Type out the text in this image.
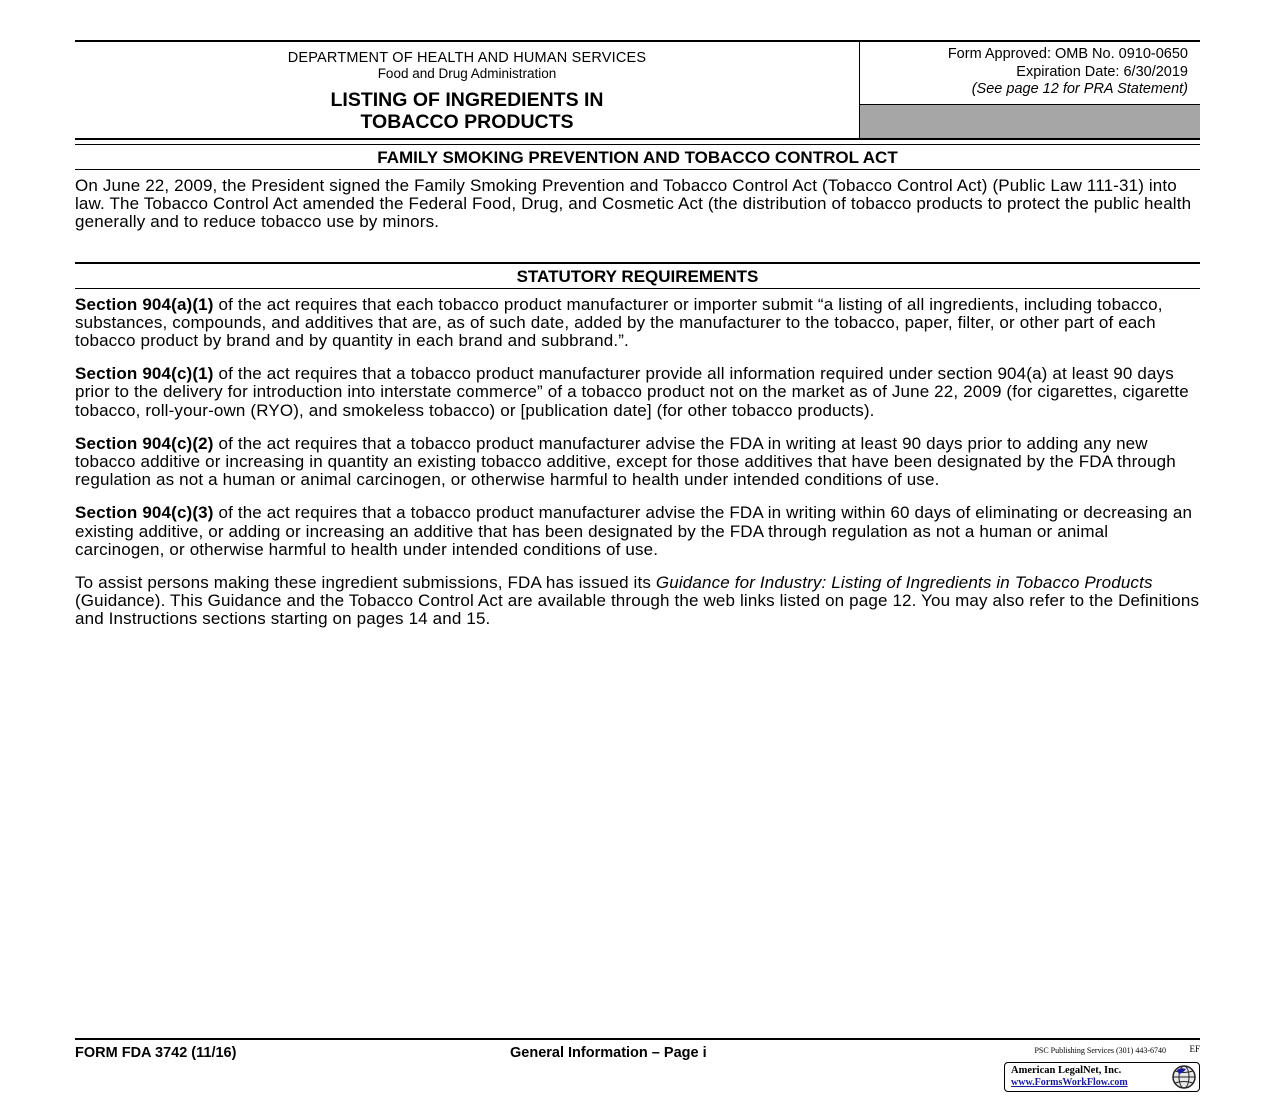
DEPARTMENT OF HEALTH AND HUMAN SERVICES
Food and Drug Administration
LISTING OF INGREDIENTS IN
TOBACCO PRODUCTS
Form Approved: OMB No. 0910-0650
Expiration Date: 6/30/2019
(See page 12 for PRA Statement)
FAMILY SMOKING PREVENTION AND TOBACCO CONTROL ACT

On June 22, 2009, the President signed the Family Smoking Prevention and Tobacco Control Act (Tobacco Control Act) (Public Law 111-31) into law. The Tobacco Control Act amended the Federal Food, Drug, and Cosmetic Act (the distribution of tobacco products to protect the public health generally and to reduce tobacco use by minors.

STATUTORY REQUIREMENTS

Section 904(a)(1) of the act requires that each tobacco product manufacturer or importer submit “a listing of all ingredients, including tobacco, substances, compounds, and additives that are, as of such date, added by the manufacturer to the tobacco, paper, filter, or other part of each tobacco product by brand and by quantity in each brand and subbrand.”.

Section 904(c)(1) of the act requires that a tobacco product manufacturer provide all information required under section 904(a) at least 90 days prior to the delivery for introduction into interstate commerce” of a tobacco product not on the market as of June 22, 2009 (for cigarettes, cigarette tobacco, roll-your-own (RYO), and smokeless tobacco) or [publication date] (for other tobacco products).

Section 904(c)(2) of the act requires that a tobacco product manufacturer advise the FDA in writing at least 90 days prior to adding any new tobacco additive or increasing in quantity an existing tobacco additive, except for those additives that have been designated by the FDA through regulation as not a human or animal carcinogen, or otherwise harmful to health under intended conditions of use.

Section 904(c)(3) of the act requires that a tobacco product manufacturer advise the FDA in writing within 60 days of eliminating or decreasing an existing additive, or adding or increasing an additive that has been designated by the FDA through regulation as not a human or animal carcinogen, or otherwise harmful to health under intended conditions of use.

To assist persons making these ingredient submissions, FDA has issued its Guidance for Industry: Listing of Ingredients in Tobacco Products (Guidance). This Guidance and the Tobacco Control Act are available through the web links listed on page 12. You may also refer to the Definitions and Instructions sections starting on pages 14 and 15.

FORM FDA 3742 (11/16)	General Information – Page i	PSC Publishing Services (301) 443-6740	EF
American LegalNet, Inc.
www.FormsWorkFlow.com
